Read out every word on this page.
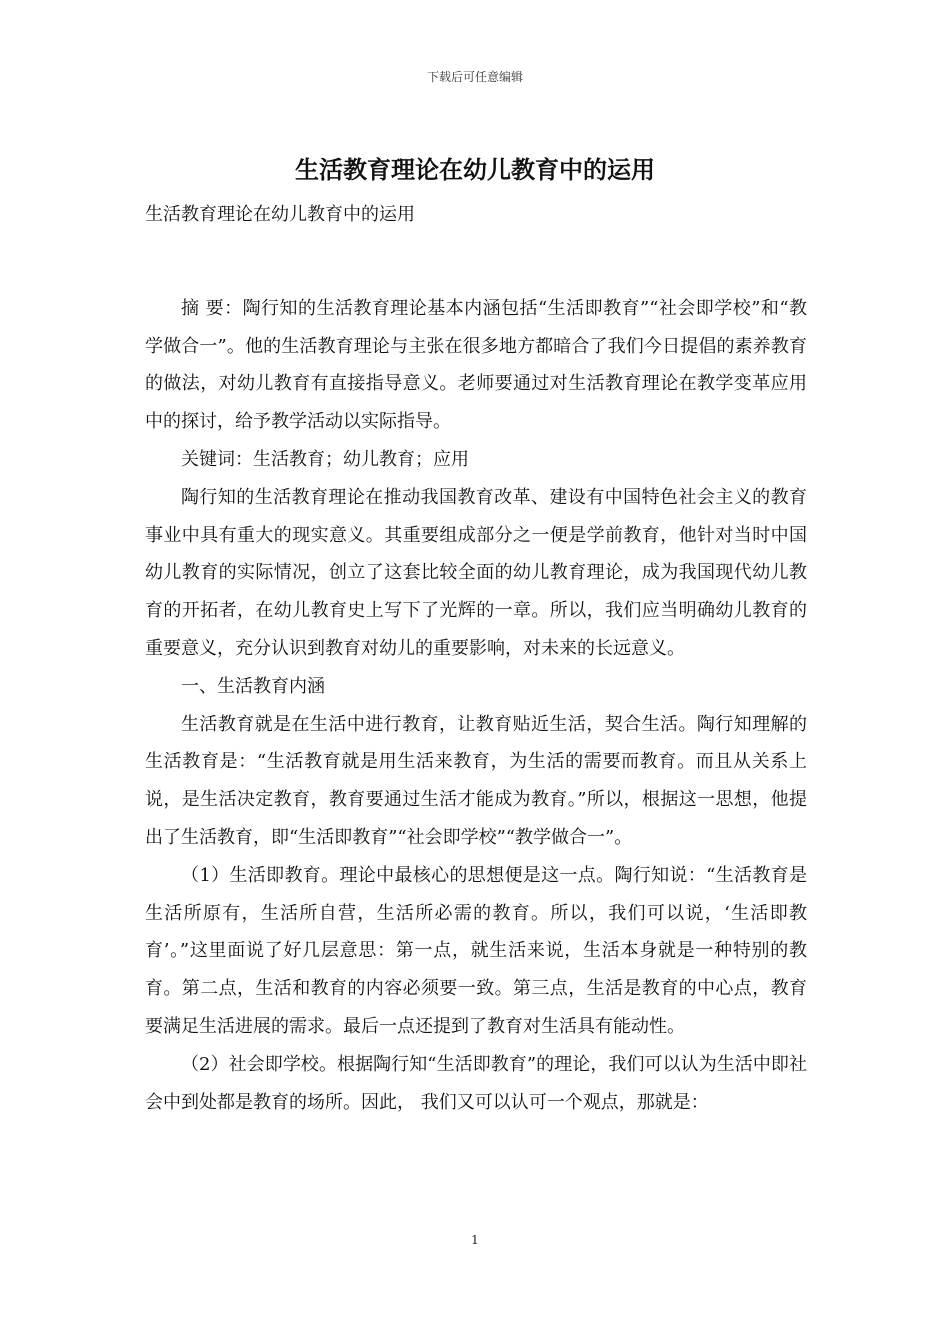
下载后可任意编辑
生活教育理论在幼儿教育中的运用

生活教育理论在幼儿教育中的运用

摘 要：陶行知的生活教育理论基本内涵包括“生活即教育”“社会即学校”和“教学做合一”。他的生活教育理论与主张在很多地方都暗合了我们今日提倡的素养教育的做法，对幼儿教育有直接指导意义。老师要通过对生活教育理论在教学变革应用中的探讨，给予教学活动以实际指导。

关键词：生活教育；幼儿教育；应用

陶行知的生活教育理论在推动我国教育改革、建设有中国特色社会主义的教育事业中具有重大的现实意义。其重要组成部分之一便是学前教育，他针对当时中国幼儿教育的实际情况，创立了这套比较全面的幼儿教育理论，成为我国现代幼儿教育的开拓者，在幼儿教育史上写下了光辉的一章。所以，我们应当明确幼儿教育的重要意义，充分认识到教育对幼儿的重要影响，对未来的长远意义。

一、生活教育内涵

生活教育就是在生活中进行教育，让教育贴近生活，契合生活。陶行知理解的生活教育是：“生活教育就是用生活来教育，为生活的需要而教育。而且从关系上说，是生活决定教育，教育要通过生活才能成为教育。”所以，根据这一思想，他提出了生活教育，即“生活即教育”“社会即学校”“教学做合一”。

（1）生活即教育。理论中最核心的思想便是这一点。陶行知说：“生活教育是生活所原有，生活所自营，生活所必需的教育。所以，我们可以说，‘生活即教育’。”这里面说了好几层意思：第一点，就生活来说，生活本身就是一种特别的教育。第二点，生活和教育的内容必须要一致。第三点，生活是教育的中心点，教育要满足生活进展的需求。最后一点还提到了教育对生活具有能动性。

（2）社会即学校。根据陶行知“生活即教育”的理论，我们可以认为生活中即社会中到处都是教育的场所。因此， 我们又可以认可一个观点，那就是：

1
